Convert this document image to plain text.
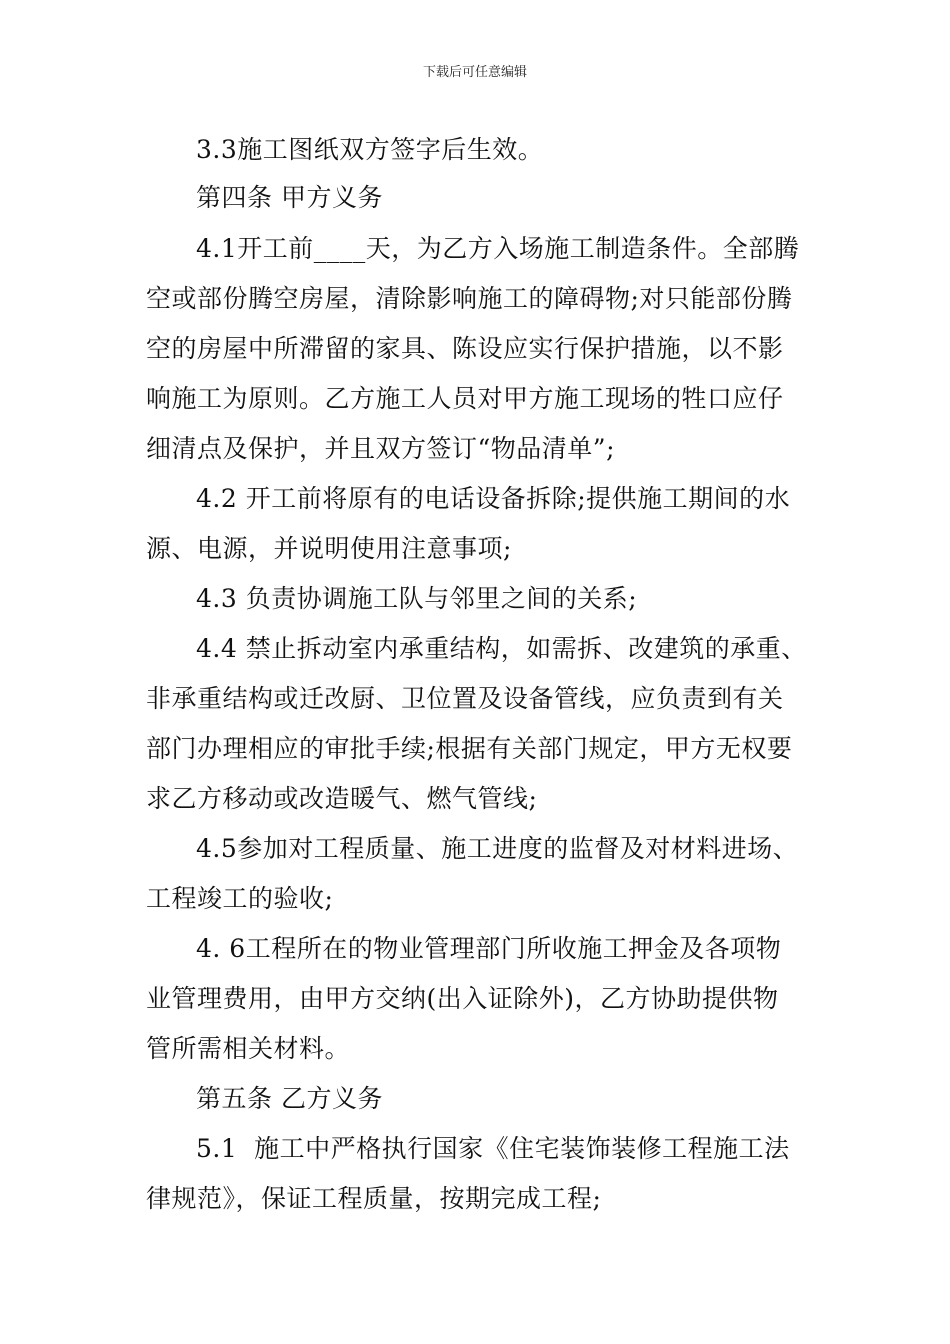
下载后可任意编辑
3.3施工图纸双方签字后生效。
第四条 甲方义务
4.1开工前____天，为乙方入场施工制造条件。全部腾
空或部份腾空房屋，清除影响施工的障碍物;对只能部份腾
空的房屋中所滞留的家具、陈设应实行保护措施，以不影
响施工为原则。乙方施工人员对甲方施工现场的牲口应仔
细清点及保护，并且双方签订“物品清单”;
4.2 开工前将原有的电话设备拆除;提供施工期间的水
源、电源，并说明使用注意事项;
4.3 负责协调施工队与邻里之间的关系;
4.4 禁止拆动室内承重结构，如需拆、改建筑的承重、
非承重结构或迁改厨、卫位置及设备管线，应负责到有关
部门办理相应的审批手续;根据有关部门规定，甲方无权要
求乙方移动或改造暖气、燃气管线;
4.5参加对工程质量、施工进度的监督及对材料进场、
工程竣工的验收;
4. 6工程所在的物业管理部门所收施工押金及各项物
业管理费用，由甲方交纳(出入证除外)，乙方协助提供物
管所需相关材料。
第五条 乙方义务
5.1  施工中严格执行国家《住宅装饰装修工程施工法
律规范》，保证工程质量，按期完成工程;
